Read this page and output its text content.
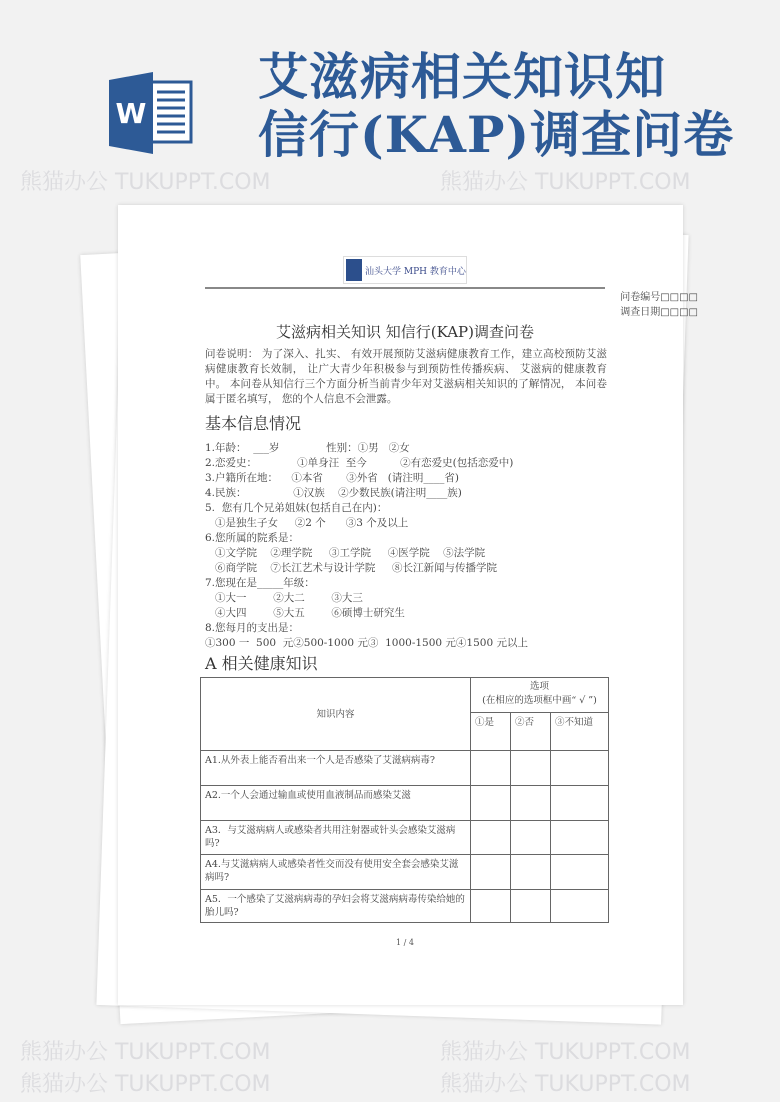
艾滋病相关知识知
信行(KAP)调查问卷
W
汕头大学 MPH 教育中心
问卷编号□□□□
调查日期□□□□
艾滋病相关知识 知信行(KAP)调查问卷
问卷说明： 为了深入、扎实、 有效开展预防艾滋病健康教育工作，建立高校预防艾滋病健康教育长效制， 让广大青少年积极参与到预防性传播疾病、 艾滋病的健康教育中。 本问卷从知信行三个方面分析当前青少年对艾滋病相关知识的了解情况， 本问卷属于匿名填写， 您的个人信息不会泄露。
基本信息情况
1.年龄：  ___岁              性别：①男   ②女
2.恋爱史：            ①单身汪  至今          ②有恋爱史(包括恋爱中)
3.户籍所在地：    ①本省       ③外省   (请注明____省)
4.民族：              ①汉族    ②少数民族(请注明____族)
5.  您有几个兄弟姐妹(包括自己在内)：
①是独生子女     ②2 个      ③3 个及以上
6.您所属的院系是：
①文学院    ②理学院     ③工学院     ④医学院    ⑤法学院
⑥商学院    ⑦长江艺术与设计学院     ⑧长江新闻与传播学院
7.您现在是_____年级：
①大一        ②大二        ③大三
④大四        ⑤大五        ⑥硕博士研究生
8.您每月的支出是：
①300 一  500  元②500-1000 元③  1000-1500 元④1500 元以上
A 相关健康知识
知识内容	选项
(在相应的选项框中画“ √ ”)		

	①是	②否	③不知道
A1.从外表上能否看出来一个人是否感染了艾滋病病毒?			
A2.一个人会通过输血或使用血液制品而感染艾滋			
A3．与艾滋病病人或感染者共用注射器或针头会感染艾滋病吗?			
A4.与艾滋病病人或感染者性交而没有使用安全套会感染艾滋病吗?			
A5．一个感染了艾滋病病毒的孕妇会将艾滋病病毒传染给她的胎儿吗?			
1 / 4
熊猫办公 TUKUPPT.COM	熊猫办公 TUKUPPT.COM
熊猫办公 TUKUPPT.COM	熊猫办公 TUKUPPT.COM
熊猫办公 TUKUPPT.COM	熊猫办公 TUKUPPT.COM
